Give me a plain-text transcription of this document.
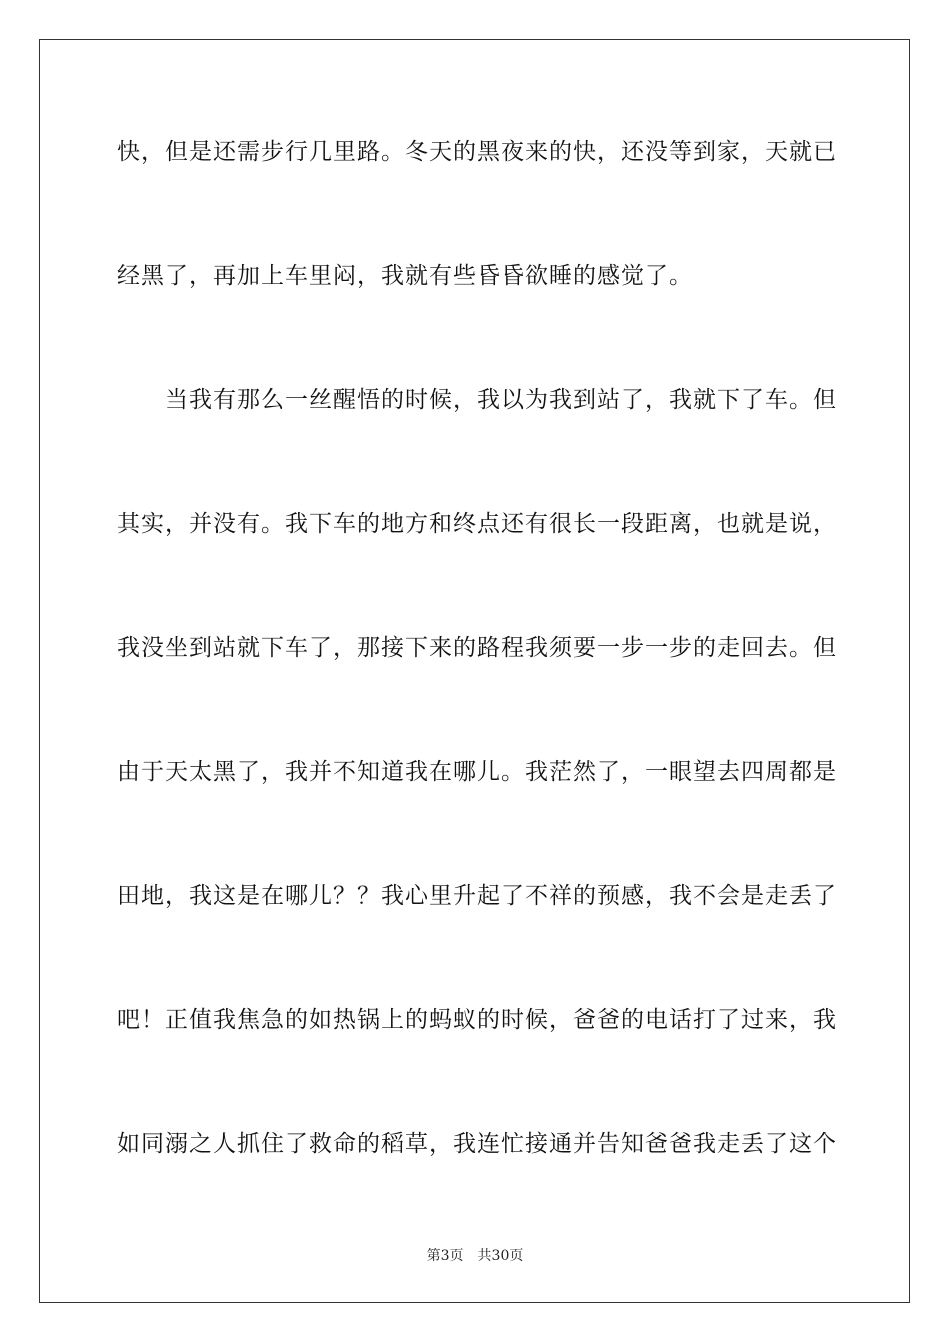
快，但是还需步行几里路。冬天的黑夜来的快，还没等到家，天就已
经黑了，再加上车里闷，我就有些昏昏欲睡的感觉了。
当我有那么一丝醒悟的时候，我以为我到站了，我就下了车。但
其实，并没有。我下车的地方和终点还有很长一段距离，也就是说，
我没坐到站就下车了，那接下来的路程我须要一步一步的走回去。但
由于天太黑了，我并不知道我在哪儿。我茫然了，一眼望去四周都是
田地，我这是在哪儿？？我心里升起了不祥的预感，我不会是走丢了
吧！正值我焦急的如热锅上的蚂蚁的时候，爸爸的电话打了过来，我
如同溺之人抓住了救命的稻草，我连忙接通并告知爸爸我走丢了这个
第3页 共30页
